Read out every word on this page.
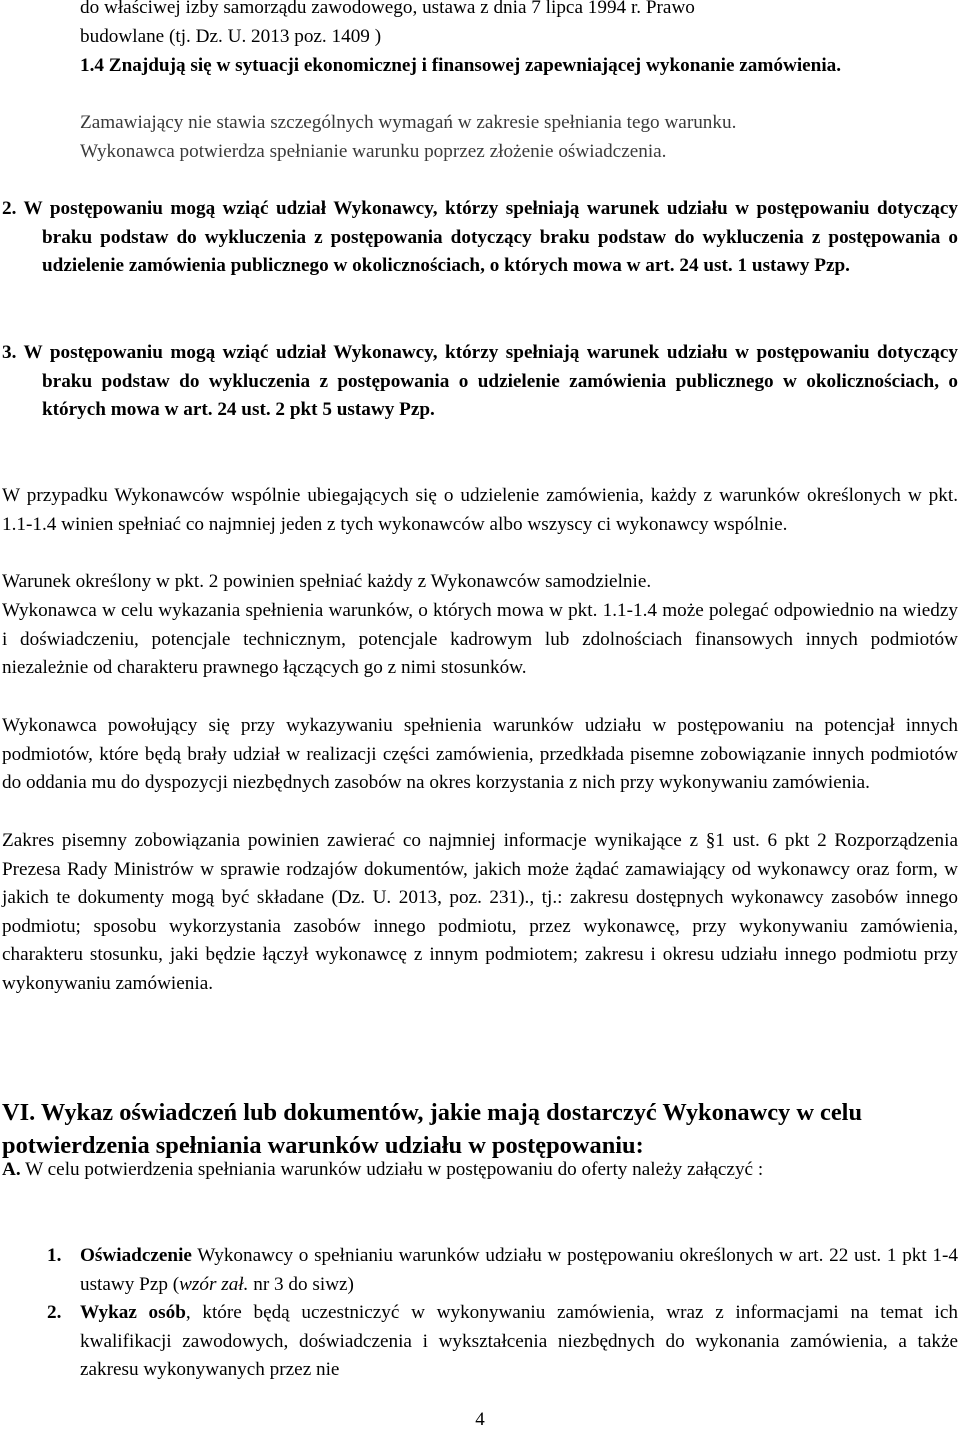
do właściwej izby samorządu zawodowego, ustawa z dnia 7 lipca 1994 r. Prawo
budowlane (tj. Dz. U. 2013 poz. 1409 )
1.4 Znajdują się w sytuacji ekonomicznej i finansowej zapewniającej wykonanie zamówienia.
Zamawiający nie stawia szczególnych wymagań w zakresie spełniania tego warunku.
Wykonawca potwierdza spełnianie warunku poprzez złożenie oświadczenia.
2. W postępowaniu mogą wziąć udział Wykonawcy, którzy spełniają warunek udziału w postępowaniu dotyczący braku podstaw do wykluczenia z postępowania dotyczący braku podstaw do wykluczenia z postępowania o udzielenie zamówienia publicznego w okolicznościach, o których mowa w art. 24 ust. 1 ustawy Pzp.
3. W postępowaniu mogą wziąć udział Wykonawcy, którzy spełniają warunek udziału w postępowaniu dotyczący braku podstaw do wykluczenia z postępowania o udzieleniе zamówienia publicznego w okolicznościach, o których mowa w art. 24 ust. 2 pkt 5 ustawy Pzp.
W przypadku Wykonawców wspólnie ubiegających się o udzielenie zamówienia, każdy z warunków określonych w pkt. 1.1-1.4 winien spełniać co najmniej jeden z tych wykonawców albo wszyscy ci wykonawcy wspólnie.
Warunek określony w pkt. 2 powinien spełniać każdy z Wykonawców samodzielnie.
Wykonawca w celu wykazania spełnienia warunków, o których mowa w pkt. 1.1-1.4 może polegać odpowiednio na wiedzy i doświadczeniu, potencjale technicznym, potencjale kadrowym lub zdolnościach finansowych innych podmiotów niezależnie od charakteru prawnego łączących go z nimi stosunków.
Wykonawca powołujący się przy wykazywaniu spełnienia warunków udziału w postępowaniu na potencjał innych podmiotów, które będą brały udział w realizacji części zamówienia, przedkłada pisemne zobowiązanie innych podmiotów do oddania mu do dyspozycji niezbędnych zasobów na okres korzystania z nich przy wykonywaniu zamówienia.
Zakres pisemny zobowiązania powinien zawierać co najmniej informacje wynikające z §1 ust. 6 pkt 2 Rozporządzenia Prezesa Rady Ministrów w sprawie rodzajów dokumentów, jakich może żądać zamawiający od wykonawcy oraz form, w jakich te dokumenty mogą być składane (Dz. U. 2013, poz. 231)., tj.: zakresu dostępnych wykonawcy zasobów innego podmiotu; sposobu wykorzystania zasobów innego podmiotu, przez wykonawcę, przy wykonywaniu zamówienia, charakteru stosunku, jaki będzie łączył wykonawcę z innym podmiotem; zakresu i okresu udziału innego podmiotu przy wykonywaniu zamówienia.
VI. Wykaz oświadczeń lub dokumentów, jakie mają dostarczyć Wykonawcy w celu potwierdzenia spełniania warunków udziału w postępowaniu:
A. W celu potwierdzenia spełniania warunków udziału w postępowaniu do oferty należy załączyć :
1. Oświadczenie Wykonawcy o spełnianiu warunków udziału w postępowaniu określonych w art. 22 ust. 1 pkt 1-4 ustawy Pzp (wzór zał. nr 3 do siwz)
2. Wykaz osób, które będą uczestniczyć w wykonywaniu zamówienia, wraz z informacjami na temat ich kwalifikacji zawodowych, doświadczenia i wykształcenia niezbędnych do wykonania zamówienia, a także zakresu wykonywanych przez nie
4
